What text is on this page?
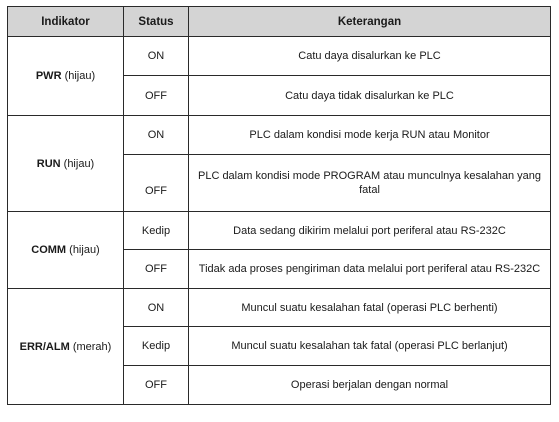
Indikator	Status	Keterangan
PWR (hijau)	ON	Catu daya disalurkan ke PLC
	OFF	Catu daya tidak disalurkan ke PLC
RUN (hijau)	ON	PLC dalam kondisi mode kerja RUN atau Monitor
	OFF	PLC dalam kondisi mode PROGRAM atau munculnya kesalahan yang fatal
COMM (hijau)	Kedip	Data sedang dikirim melalui port periferal atau RS-232C
	OFF	Tidak ada proses pengiriman data melalui port periferal atau RS-232C
ERR/ALM (merah)	ON	Muncul suatu kesalahan fatal (operasi PLC berhenti)
	Kedip	Muncul suatu kesalahan tak fatal (operasi PLC berlanjut)
	OFF	Operasi berjalan dengan normal
